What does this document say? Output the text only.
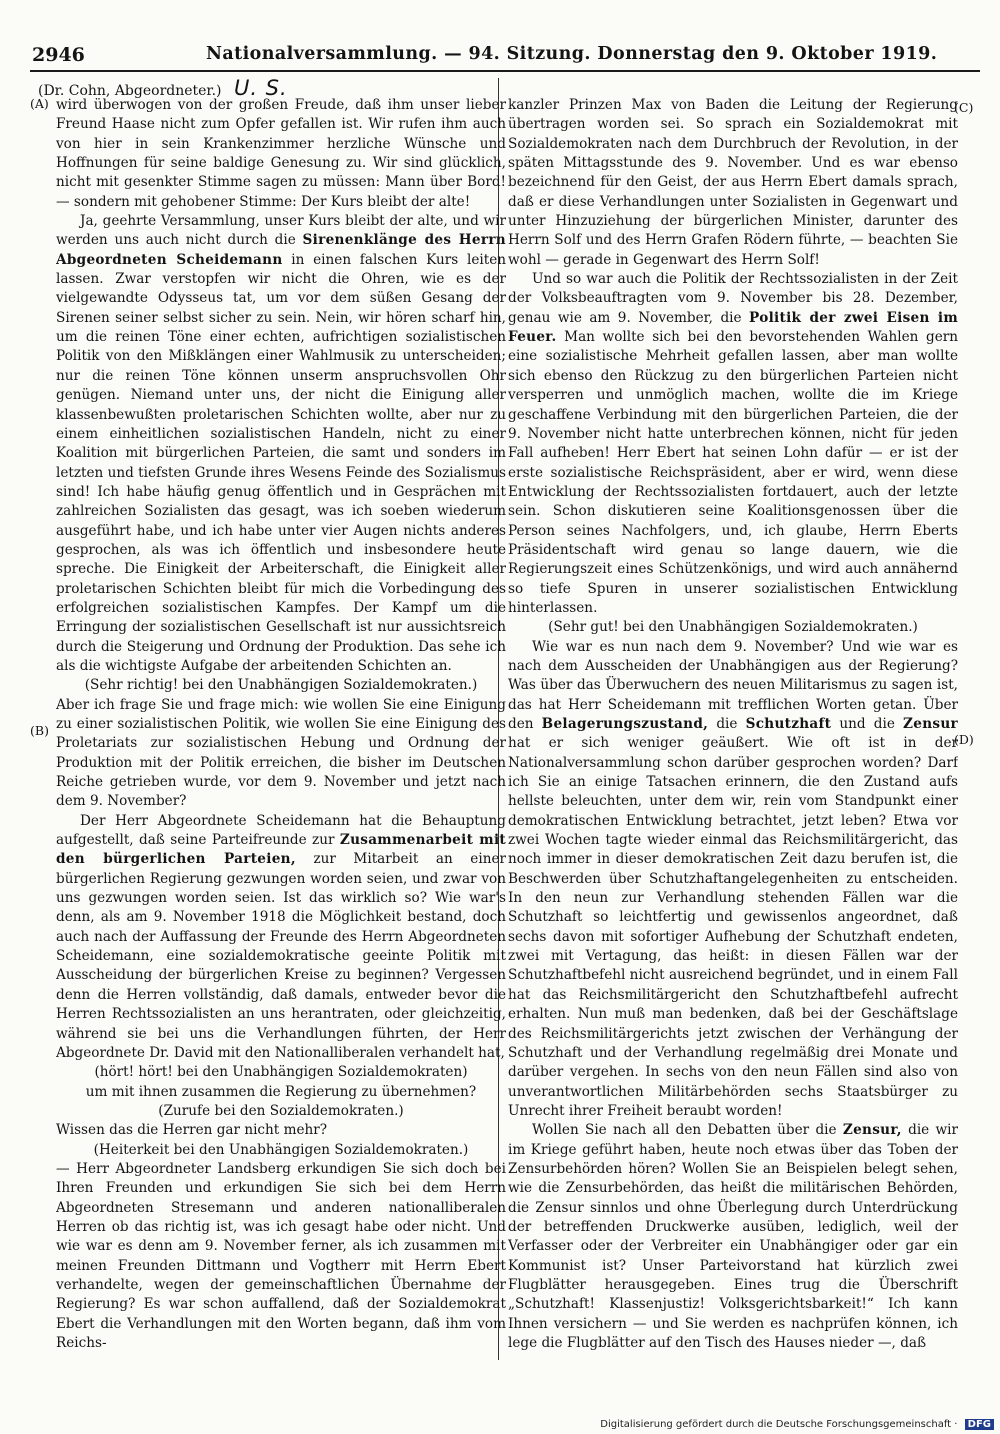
2946	Nationalversammlung. — 94. Sitzung. Donnerstag den 9. Oktober 1919.
(Dr. Cohn, Abgeordneter.) U. S.
(A)
(B)
(C)
(D)

wird überwogen von der großen Freude, daß ihm unser lieber Freund Haase nicht zum Opfer gefallen ist. Wir rufen ihm auch von hier in sein Krankenzimmer herzliche Wünsche und Hoffnungen für seine baldige Genesung zu. Wir sind glücklich, nicht mit gesenkter Stimme sagen zu müssen: Mann über Bord! — sondern mit gehobener Stimme: Der Kurs bleibt der alte!

Ja, geehrte Versammlung, unser Kurs bleibt der alte, und wir werden uns auch nicht durch die Sirenenklänge des Herrn Abgeordneten Scheidemann in einen falschen Kurs leiten lassen. Zwar verstopfen wir nicht die Ohren, wie es der vielgewandte Odysseus tat, um vor dem süßen Gesang der Sirenen seiner selbst sicher zu sein. Nein, wir hören scharf hin, um die reinen Töne einer echten, aufrichtigen sozialistischen Politik von den Mißklängen einer Wahlmusik zu unterscheiden; nur die reinen Töne können unserm anspruchsvollen Ohr genügen. Niemand unter uns, der nicht die Einigung aller klassenbewußten proletarischen Schichten wollte, aber nur zu einem einheitlichen sozialistischen Handeln, nicht zu einer Koalition mit bürgerlichen Parteien, die samt und sonders im letzten und tiefsten Grunde ihres Wesens Feinde des Sozialismus sind! Ich habe häufig genug öffentlich und in Gesprächen mit zahlreichen Sozialisten das gesagt, was ich soeben wiederum ausgeführt habe, und ich habe unter vier Augen nichts anderes gesprochen, als was ich öffentlich und insbesondere heute spreche. Die Einigkeit der Arbeiterschaft, die Einigkeit aller proletarischen Schichten bleibt für mich die Vorbedingung des erfolgreichen sozialistischen Kampfes. Der Kampf um die Erringung der sozialistischen Gesellschaft ist nur aussichtsreich durch die Steigerung und Ordnung der Produktion. Das sehe ich als die wichtigste Aufgabe der arbeitenden Schichten an.

(Sehr richtig! bei den Unabhängigen Sozialdemokraten.)

Aber ich frage Sie und frage mich: wie wollen Sie eine Einigung zu einer sozialistischen Politik, wie wollen Sie eine Einigung des Proletariats zur sozialistischen Hebung und Ordnung der Produktion mit der Politik erreichen, die bisher im Deutschen Reiche getrieben wurde, vor dem 9. November und jetzt nach dem 9. November?

Der Herr Abgeordnete Scheidemann hat die Behauptung aufgestellt, daß seine Parteifreunde zur Zusammenarbeit mit den bürgerlichen Parteien, zur Mitarbeit an einer bürgerlichen Regierung gezwungen worden seien, und zwar von uns gezwungen worden seien. Ist das wirklich so? Wie war's denn, als am 9. November 1918 die Möglichkeit bestand, doch auch nach der Auffassung der Freunde des Herrn Abgeordneten Scheidemann, eine sozialdemokratische geeinte Politik mit Ausscheidung der bürgerlichen Kreise zu beginnen? Vergessen denn die Herren vollständig, daß damals, entweder bevor die Herren Rechtssozialisten an uns herantraten, oder gleichzeitig, während sie bei uns die Verhandlungen führten, der Herr Abgeordnete Dr. David mit den Nationalliberalen verhandelt hat,

(hört! hört! bei den Unabhängigen Sozialdemokraten)

um mit ihnen zusammen die Regierung zu übernehmen?

(Zurufe bei den Sozialdemokraten.)

Wissen das die Herren gar nicht mehr?

(Heiterkeit bei den Unabhängigen Sozialdemokraten.)

— Herr Abgeordneter Landsberg erkundigen Sie sich doch bei Ihren Freunden und erkundigen Sie sich bei dem Herrn Abgeordneten Stresemann und anderen nationalliberalen Herren ob das richtig ist, was ich gesagt habe oder nicht. Und wie war es denn am 9. November ferner, als ich zusammen mit meinen Freunden Dittmann und Vogtherr mit Herrn Ebert verhandelte, wegen der gemeinschaftlichen Übernahme der Regierung? Es war schon auffallend, daß der Sozialdemokrat Ebert die Verhandlungen mit den Worten begann, daß ihm vom Reichs-

kanzler Prinzen Max von Baden die Leitung der Regierung übertragen worden sei. So sprach ein Sozialdemokrat mit Sozialdemokraten nach dem Durchbruch der Revolution, in der späten Mittagsstunde des 9. November. Und es war ebenso bezeichnend für den Geist, der aus Herrn Ebert damals sprach, daß er diese Verhandlungen unter Sozialisten in Gegenwart und unter Hinzuziehung der bürgerlichen Minister, darunter des Herrn Solf und des Herrn Grafen Rödern führte, — beachten Sie wohl — gerade in Gegenwart des Herrn Solf!

Und so war auch die Politik der Rechtssozialisten in der Zeit der Volksbeauftragten vom 9. November bis 28. Dezember, genau wie am 9. November, die Politik der zwei Eisen im Feuer. Man wollte sich bei den bevorstehenden Wahlen gern eine sozialistische Mehrheit gefallen lassen, aber man wollte sich ebenso den Rückzug zu den bürgerlichen Parteien nicht versperren und unmöglich machen, wollte die im Kriege geschaffene Verbindung mit den bürgerlichen Parteien, die der 9. November nicht hatte unterbrechen können, nicht für jeden Fall aufheben! Herr Ebert hat seinen Lohn dafür — er ist der erste sozialistische Reichspräsident, aber er wird, wenn diese Entwicklung der Rechtssozialisten fortdauert, auch der letzte sein. Schon diskutieren seine Koalitionsgenossen über die Person seines Nachfolgers, und, ich glaube, Herrn Eberts Präsidentschaft wird genau so lange dauern, wie die Regierungszeit eines Schützenkönigs, und wird auch annähernd so tiefe Spuren in unserer sozialistischen Entwicklung hinterlassen.

(Sehr gut! bei den Unabhängigen Sozialdemokraten.)

Wie war es nun nach dem 9. November? Und wie war es nach dem Ausscheiden der Unabhängigen aus der Regierung? Was über das Überwuchern des neuen Militarismus zu sagen ist, das hat Herr Scheidemann mit trefflichen Worten getan. Über den Belagerungszustand, die Schutzhaft und die Zensur hat er sich weniger geäußert. Wie oft ist in der Nationalversammlung schon darüber gesprochen worden? Darf ich Sie an einige Tatsachen erinnern, die den Zustand aufs hellste beleuchten, unter dem wir, rein vom Standpunkt einer demokratischen Entwicklung betrachtet, jetzt leben? Etwa vor zwei Wochen tagte wieder einmal das Reichsmilitärgericht, das noch immer in dieser demokratischen Zeit dazu berufen ist, die Beschwerden über Schutzhaftangelegenheiten zu entscheiden. In den neun zur Verhandlung stehenden Fällen war die Schutzhaft so leichtfertig und gewissenlos angeordnet, daß sechs davon mit sofortiger Aufhebung der Schutzhaft endeten, zwei mit Vertagung, das heißt: in diesen Fällen war der Schutzhaftbefehl nicht ausreichend begründet, und in einem Fall hat das Reichsmilitärgericht den Schutzhaftbefehl aufrecht erhalten. Nun muß man bedenken, daß bei der Geschäftslage des Reichsmilitärgerichts jetzt zwischen der Verhängung der Schutzhaft und der Verhandlung regelmäßig drei Monate und darüber vergehen. In sechs von den neun Fällen sind also von unverantwortlichen Militärbehörden sechs Staatsbürger zu Unrecht ihrer Freiheit beraubt worden!

Wollen Sie nach all den Debatten über die Zensur, die wir im Kriege geführt haben, heute noch etwas über das Toben der Zensurbehörden hören? Wollen Sie an Beispielen belegt sehen, wie die Zensurbehörden, das heißt die militärischen Behörden, die Zensur sinnlos und ohne Überlegung durch Unterdrückung der betreffenden Druckwerke ausüben, lediglich, weil der Verfasser oder der Verbreiter ein Unabhängiger oder gar ein Kommunist ist? Unser Parteivorstand hat kürzlich zwei Flugblätter herausgegeben. Eines trug die Überschrift „Schutzhaft! Klassenjustiz! Volksgerichtsbarkeit!“ Ich kann Ihnen versichern — und Sie werden es nachprüfen können, ich lege die Flugblätter auf den Tisch des Hauses nieder —, daß

Digitalisierung gefördert durch die Deutsche Forschungsgemeinschaft · DFG
